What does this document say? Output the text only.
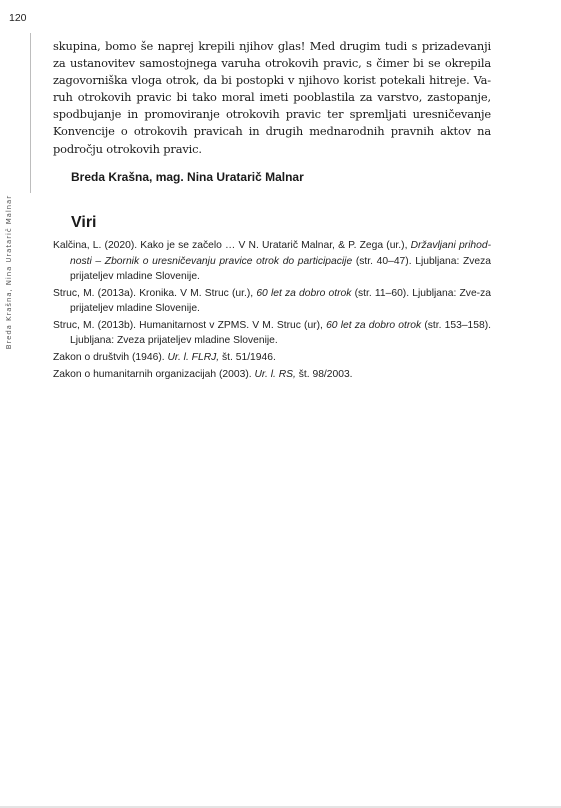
120
Breda Krašna, Nina Uratarič Malnar

skupina, bomo še naprej krepili njihov glas! Med drugim tudi s prizadevanji
za ustanovitev samostojnega varuha otrokovih pravic, s čimer bi se okrepila
zagovorniška vloga otrok, da bi postopki v njihovo korist potekali hitreje. Va-
ruh otrokovih pravic bi tako moral imeti pooblastila za varstvo, zastopanje,
spodbujanje in promoviranje otrokovih pravic ter spremljati uresničevanje
Konvencije o otrokovih pravicah in drugih mednarodnih pravnih aktov na
področju otrokovih pravic.

Breda Krašna, mag. Nina Uratarič Malnar
Viri
Kalčina, L. (2020). Kako je se začelo … V N. Uratarič Malnar, & P. Zega (ur.), Državljani prihod-nosti – Zbornik o uresničevanju pravice otrok do participacije (str. 40–47). Ljubljana: Zveza prijateljev mladine Slovenije.
Struc, M. (2013a). Kronika. V M. Struc (ur.), 60 let za dobro otrok (str. 11–60). Ljubljana: Zve-za prijateljev mladine Slovenije.
Struc, M. (2013b). Humanitarnost v ZPMS. V M. Struc (ur), 60 let za dobro otrok (str. 153–158). Ljubljana: Zveza prijateljev mladine Slovenije.
Zakon o društvih (1946). Ur. l. FLRJ, št. 51/1946.
Zakon o humanitarnih organizacijah (2003). Ur. l. RS, št. 98/2003.
